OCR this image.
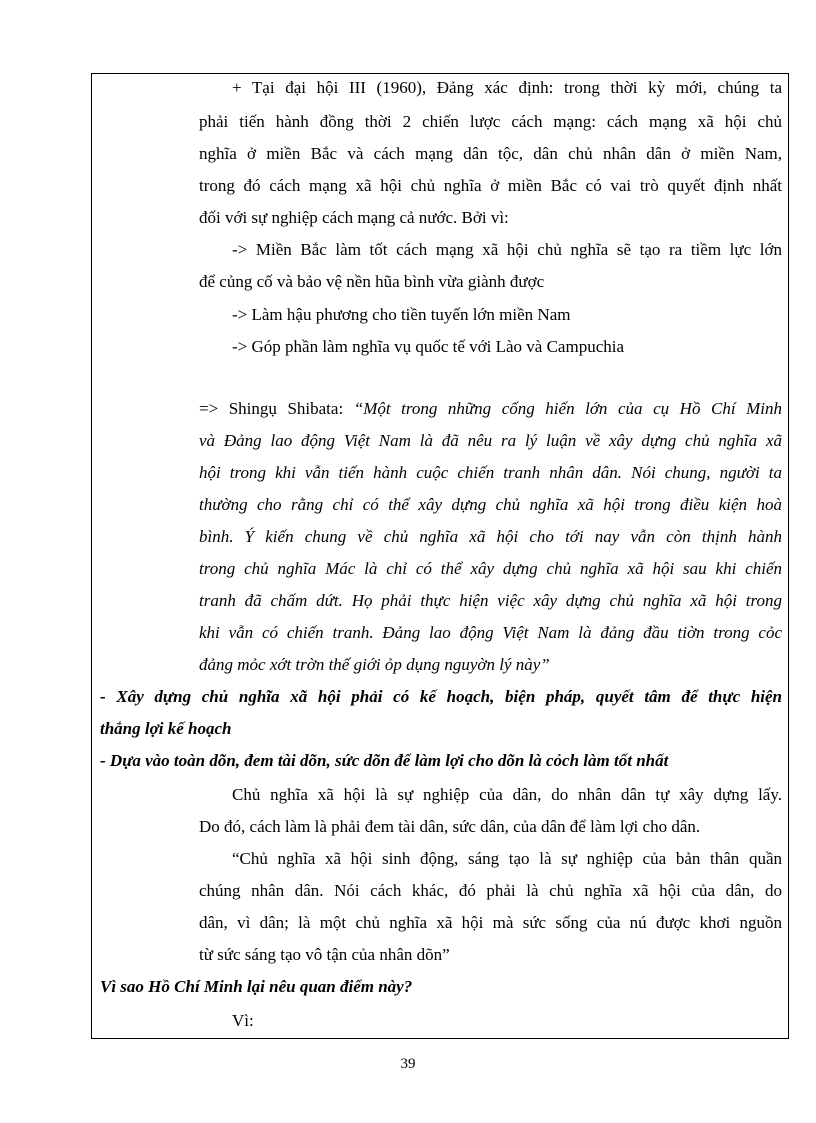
+ Tại đại hội III (1960), Đảng xác định: trong thời kỳ mới, chúng ta
phải tiến hành đồng thời 2 chiến lược cách mạng: cách mạng xã hội chủ
nghĩa ở miền Bắc và cách mạng dân tộc, dân chủ nhân dân ở miền Nam,
trong đó cách mạng xã hội chủ nghĩa ở miền Bắc có vai trò quyết định nhất
đối với sự nghiệp cách mạng cả nước. Bởi vì:
-> Miền Bắc làm tốt cách mạng xã hội chủ nghĩa sẽ tạo ra tiềm lực lớn
để củng cố và bảo vệ nền hũa bình vừa giành được
-> Làm hậu phương cho tiền tuyến lớn miền Nam
-> Góp phần làm nghĩa vụ quốc tế với Lào và Campuchia
=> Shingụ Shibata: “Một trong những cống hiến lớn của cụ Hồ Chí Minh
và Đảng lao động Việt Nam là đã nêu ra lý luận về xây dựng chủ nghĩa xã
hội trong khi vẫn tiến hành cuộc chiến tranh nhân dân. Nói chung, người ta
thường cho rằng chỉ có thể xây dựng chủ nghĩa xã hội trong điều kiện hoà
bình. Ý kiến chung về chủ nghĩa xã hội cho tới nay vẫn còn thịnh hành
trong chủ nghĩa Mác là chỉ có thể xây dựng chủ nghĩa xã hội sau khi chiến
tranh đã chấm dứt. Họ phải thực hiện việc xây dựng chủ nghĩa xã hội trong
khi vẫn có chiến tranh. Đảng lao động Việt Nam là đảng đầu tiờn trong cỏc
đảng mỏc xớt trờn thế giới ỏp dụng nguyờn lý này”
- Xây dựng chủ nghĩa xã hội phải có kế hoạch, biện pháp, quyết tâm để thực hiện
thắng lợi kế hoạch
- Dựa vào toàn dõn, đem tài dõn, sức dõn để làm lợi cho dõn là cỏch làm tốt nhất
Chủ nghĩa xã hội là sự nghiệp của dân, do nhân dân tự xây dựng lấy.
Do đó, cách làm là phải đem tài dân, sức dân, của dân để làm lợi cho dân.
“Chủ nghĩa xã hội sinh động, sáng tạo là sự nghiệp của bản thân quần
chúng nhân dân. Nói cách khác, đó phải là chủ nghĩa xã hội của dân, do
dân, vì dân; là một chủ nghĩa xã hội mà sức sống của nú được khơi nguồn
từ sức sáng tạo vô tận của nhân dõn”
Vì sao Hồ Chí Minh lại nêu quan điểm này?
Vì:
39
